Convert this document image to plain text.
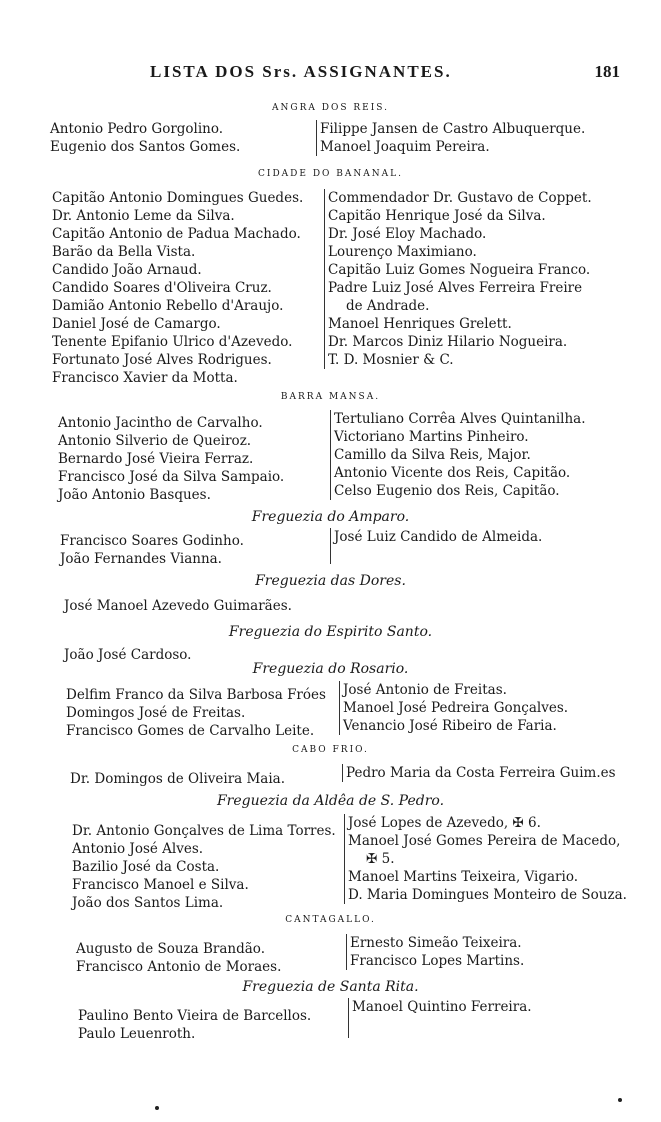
LISTA DOS Srs. ASSIGNANTES.	181
ANGRA DOS REIS.
Antonio Pedro Gorgolino.
Eugenio dos Santos Gomes.
Filippe Jansen de Castro Albuquerque.
Manoel Joaquim Pereira.
CIDADE DO BANANAL.
Capitão Antonio Domingues Guedes.
Dr. Antonio Leme da Silva.
Capitão Antonio de Padua Machado.
Barão da Bella Vista.
Candido João Arnaud.
Candido Soares d'Oliveira Cruz.
Damião Antonio Rebello d'Araujo.
Daniel José de Camargo.
Tenente Epifanio Ulrico d'Azevedo.
Fortunato José Alves Rodrigues.
Francisco Xavier da Motta.
Commendador Dr. Gustavo de Coppet.
Capitão Henrique José da Silva.
Dr. José Eloy Machado.
Lourenço Maximiano.
Capitão Luiz Gomes Nogueira Franco.
Padre Luiz José Alves Ferreira Freire
de Andrade.
Manoel Henriques Grelett.
Dr. Marcos Diniz Hilario Nogueira.
T. D. Mosnier & C.
BARRA MANSA.
Antonio Jacintho de Carvalho.
Antonio Silverio de Queiroz.
Bernardo José Vieira Ferraz.
Francisco José da Silva Sampaio.
João Antonio Basques.
Tertuliano Corrêa Alves Quintanilha.
Victoriano Martins Pinheiro.
Camillo da Silva Reis, Major.
Antonio Vicente dos Reis, Capitão.
Celso Eugenio dos Reis, Capitão.
Freguezia do Amparo.
Francisco Soares Godinho.
João Fernandes Vianna.
José Luiz Candido de Almeida.
Freguezia das Dores.
José Manoel Azevedo Guimarães.
Freguezia do Espirito Santo.
João José Cardoso.
Freguezia do Rosario.
Delfim Franco da Silva Barbosa Fróes
Domingos José de Freitas.
Francisco Gomes de Carvalho Leite.
José Antonio de Freitas.
Manoel José Pedreira Gonçalves.
Venancio José Ribeiro de Faria.
CABO FRIO.
Dr. Domingos de Oliveira Maia.	Pedro Maria da Costa Ferreira Guim.es
Freguezia da Aldêa de S. Pedro.
Dr. Antonio Gonçalves de Lima Torres.
Antonio José Alves.
Bazilio José da Costa.
Francisco Manoel e Silva.
João dos Santos Lima.
José Lopes de Azevedo, ✠ 6.
Manoel José Gomes Pereira de Macedo,
✠ 5.
Manoel Martins Teixeira, Vigario.
D. Maria Domingues Monteiro de Souza.
CANTAGALLO.
Augusto de Souza Brandão.
Francisco Antonio de Moraes.
Ernesto Simeão Teixeira.
Francisco Lopes Martins.
Freguezia de Santa Rita.
Paulino Bento Vieira de Barcellos.
Paulo Leuenroth.
Manoel Quintino Ferreira.
